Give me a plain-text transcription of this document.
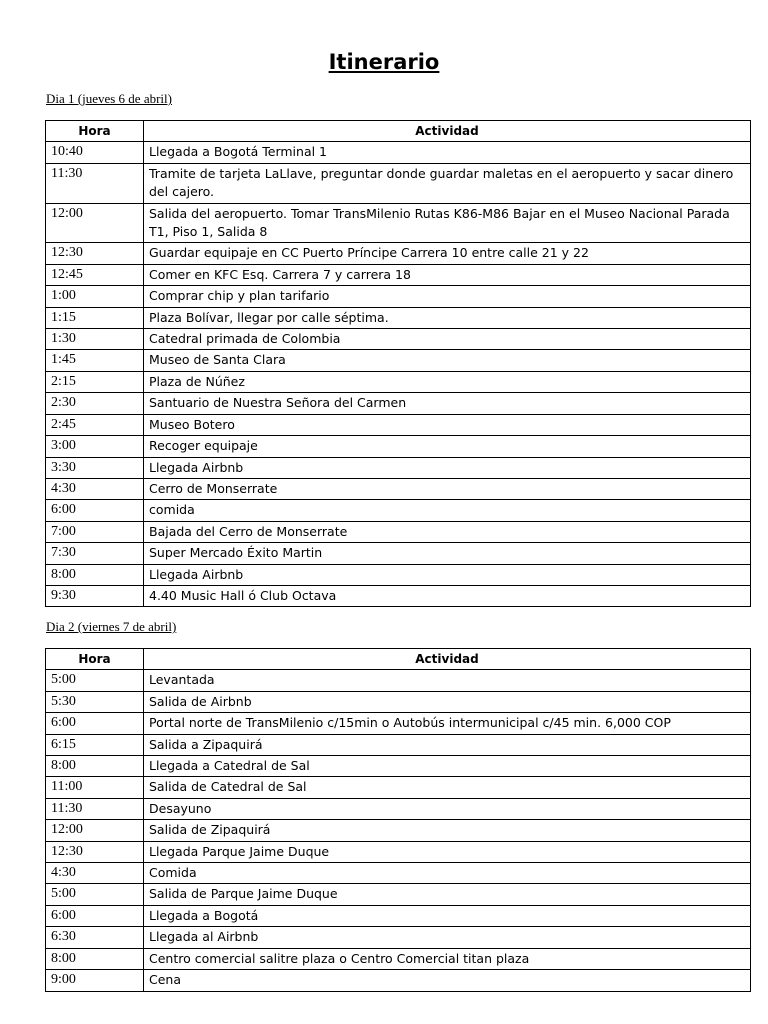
Itinerario
Dia 1 (jueves 6 de abril)
Hora	Actividad
10:40	Llegada a Bogotá Terminal 1
11:30	Tramite de tarjeta LaLlave, preguntar donde guardar maletas en el aeropuerto y sacar dinero del cajero.
12:00	Salida del aeropuerto. Tomar TransMilenio Rutas K86-M86 Bajar en el Museo Nacional Parada T1, Piso 1, Salida 8
12:30	Guardar equipaje en CC Puerto Príncipe Carrera 10 entre calle 21 y 22
12:45	Comer en KFC Esq. Carrera 7 y carrera 18
1:00	Comprar chip y plan tarifario
1:15	Plaza Bolívar, llegar por calle séptima.
1:30	Catedral primada de Colombia
1:45	Museo de Santa Clara
2:15	Plaza de Núñez
2:30	Santuario de Nuestra Señora del Carmen
2:45	Museo Botero
3:00	Recoger equipaje
3:30	Llegada Airbnb
4:30	Cerro de Monserrate
6:00	comida
7:00	Bajada del Cerro de Monserrate
7:30	Super Mercado Éxito Martin
8:00	Llegada Airbnb
9:30	4.40 Music Hall ó Club Octava
Dia 2 (viernes 7 de abril)
Hora	Actividad
5:00	Levantada
5:30	Salida de Airbnb
6:00	Portal norte de TransMilenio c/15min o Autobús intermunicipal c/45 min. 6,000 COP
6:15	Salida a Zipaquirá
8:00	Llegada a Catedral de Sal
11:00	Salida de Catedral de Sal
11:30	Desayuno
12:00	Salida de Zipaquirá
12:30	Llegada Parque Jaime Duque
4:30	Comida
5:00	Salida de Parque Jaime Duque
6:00	Llegada a Bogotá
6:30	Llegada al Airbnb
8:00	Centro comercial salitre plaza o Centro Comercial titan plaza
9:00	Cena
